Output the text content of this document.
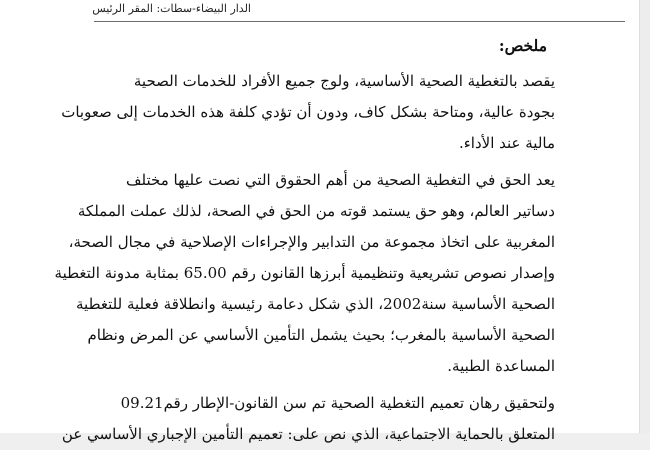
الدار البيضاء-سطات: المقر الرئيس
ملخص:
يقصد بالتغطية الصحية الأساسية، ولوج جميع الأفراد للخدمات الصحية
بجودة عالية، ومتاحة بشكل كاف، ودون أن تؤدي كلفة هذه الخدمات إلى صعوبات
مالية عند الأداء.
يعد الحق في التغطية الصحية من أهم الحقوق التي نصت عليها مختلف
دساتير العالم، وهو حق يستمد قوته من الحق في الصحة، لذلك عملت المملكة
المغربية على اتخاذ مجموعة من التدابير والإجراءات الإصلاحية في مجال الصحة،
وإصدار نصوص تشريعية وتنظيمية أبرزها القانون رقم 65.00 بمثابة مدونة التغطية
الصحية الأساسية سنة2002، الذي شكل دعامة رئيسية وانطلاقة فعلية للتغطية
الصحية الأساسية بالمغرب؛ بحيث يشمل التأمين الأساسي عن المرض ونظام
المساعدة الطبية.
ولتحقيق رهان تعميم التغطية الصحية تم سن القانون-الإطار رقم09.21
المتعلق بالحماية الاجتماعية، الذي نص على: تعميم التأمين الإجباري الأساسي عن
